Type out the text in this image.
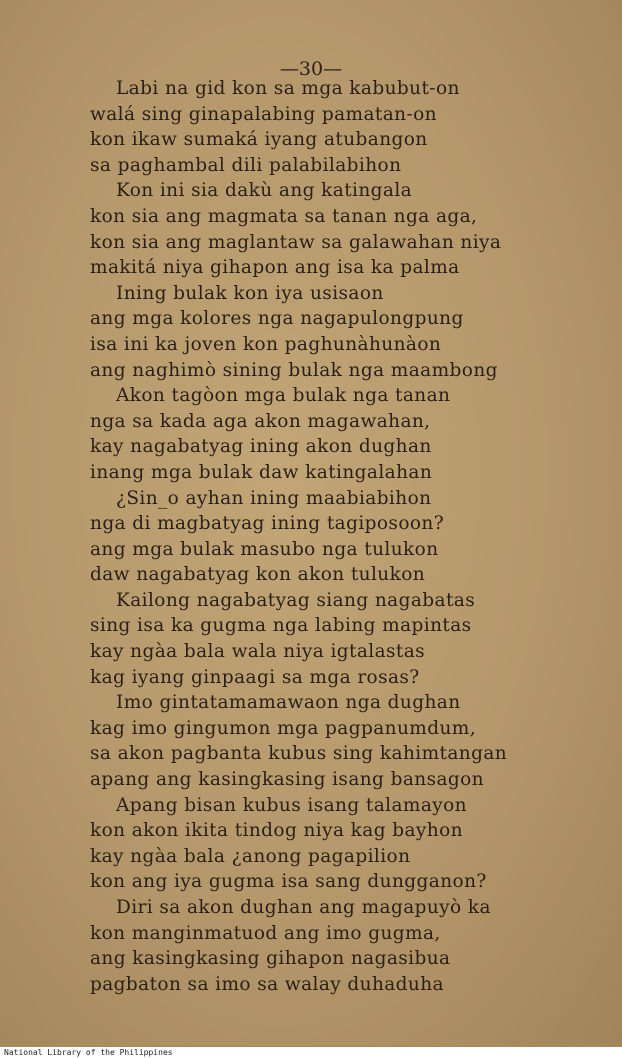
—30—
Labi na gid kon sa mga kabubut-on
walá sing ginapalabing pamatan-on
kon ikaw sumaká iyang atubangon
sa paghambal dili palabilabihon
Kon ini sia dakù ang katingala
kon sia ang magmata sa tanan nga aga,
kon sia ang maglantaw sa galawahan niya
makitá niya gihapon ang isa ka palma
Ining bulak kon iya usisaon
ang mga kolores nga nagapulongpung
isa ini ka joven kon paghunàhunàon
ang naghimò sining bulak nga maambong
Akon tagòon mga bulak nga tanan
nga sa kada aga akon magawahan,
kay nagabatyag ining akon dughan
inang mga bulak daw katingalahan
¿Sin_o ayhan ining maabiabihon
nga di magbatyag ining tagiposoon?
ang mga bulak masubo nga tulukon
daw nagabatyag kon akon tulukon
Kailong nagabatyag siang nagabatas
sing isa ka gugma nga labing mapintas
kay ngàa bala wala niya igtalastas
kag iyang ginpaagi sa mga rosas?
Imo gintatamamawaon nga dughan
kag imo gingumon mga pagpanumdum,
sa akon pagbanta kubus sing kahimtangan
apang ang kasingkasing isang bansagon
Apang bisan kubus isang talamayon
kon akon ikita tindog niya kag bayhon
kay ngàa bala ¿anong pagapilion
kon ang iya gugma isa sang dungganon?
Diri sa akon dughan ang magapuyò ka
kon manginmatuod ang imo gugma,
ang kasingkasing gihapon nagasibua
pagbaton sa imo sa walay duhaduha
National Library of the Philippines
